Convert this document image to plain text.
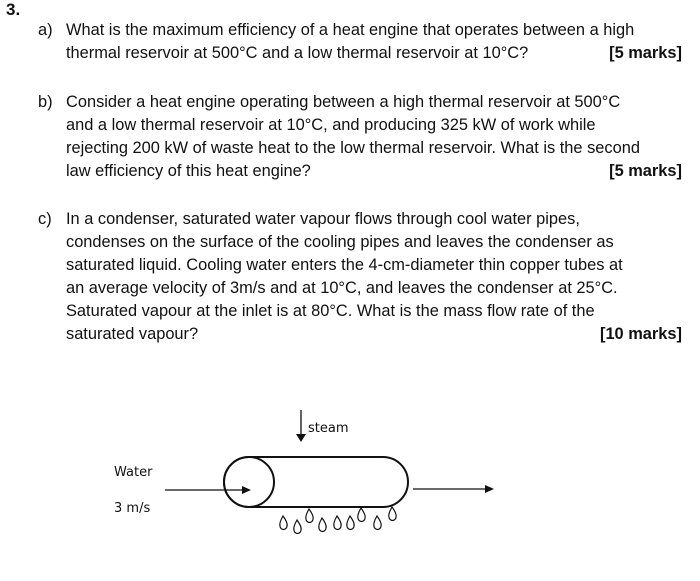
3.
a) What is the maximum efficiency of a heat engine that operates between a high
thermal reservoir at 500°C and a low thermal reservoir at 10°C?	[5 marks]
b) Consider a heat engine operating between a high thermal reservoir at 500°C
and a low thermal reservoir at 10°C, and producing 325 kW of work while
rejecting 200 kW of waste heat to the low thermal reservoir. What is the second
law efficiency of this heat engine?	[5 marks]
c) In a condenser, saturated water vapour flows through cool water pipes,
condenses on the surface of the cooling pipes and leaves the condenser as
saturated liquid. Cooling water enters the 4-cm-diameter thin copper tubes at
an average velocity of 3m/s and at 10°C, and leaves the condenser at 25°C.
Saturated vapour at the inlet is at 80°C. What is the mass flow rate of the
saturated vapour?	[10 marks]
steam
Water
3 m/s
